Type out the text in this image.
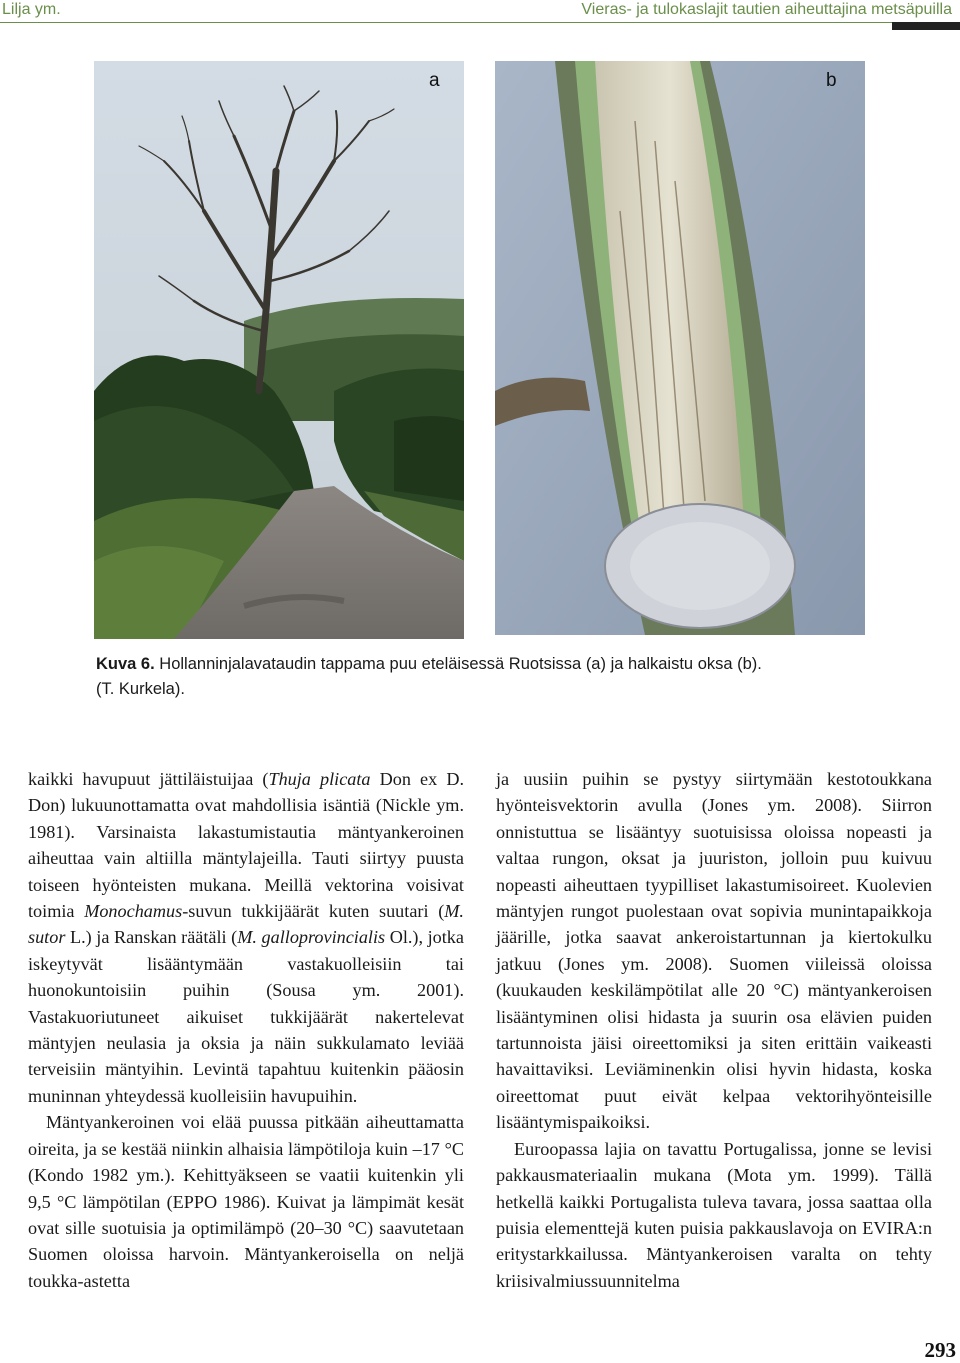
Lilja ym.	Vieras- ja tulokaslajit tautien aiheuttajina metsäpuilla
a	b
Kuva 6. Hollanninjalavataudin tappama puu eteläisessä Ruotsissa (a) ja halkaistu oksa (b).
(T. Kurkela).

kaikki havupuut jättiläistuijaa (Thuja plicata Don ex D. Don) lukuunottamatta ovat mahdollisia isäntiä (Nickle ym. 1981). Varsinaista lakastumistautia mäntyankeroinen aiheuttaa vain altiilla mäntylajeilla. Tauti siirtyy puusta toiseen hyönteisten mukana. Meillä vektorina voisivat toimia Monochamus-suvun tukkijäärät kuten suutari (M. sutor L.) ja Ranskan räätäli (M. galloprovincialis Ol.), jotka iskeytyvät lisääntymään vastakuolleisiin tai huonokuntoisiin puihin (Sousa ym. 2001). Vastakuoriutuneet aikuiset tukkijäärät nakertelevat mäntyjen neulasia ja oksia ja näin sukkulamato leviää terveisiin mäntyihin. Levintä tapahtuu kuitenkin pääosin muninnan yhteydessä kuolleisiin havupuihin.

Mäntyankeroinen voi elää puussa pitkään aiheuttamatta oireita, ja se kestää niinkin alhaisia lämpötiloja kuin –17 °C (Kondo 1982 ym.). Kehittyäkseen se vaatii kuitenkin yli 9,5 °C lämpötilan (EPPO 1986). Kuivat ja lämpimät kesät ovat sille suotuisia ja optimilämpö (20–30 °C) saavutetaan Suomen oloissa harvoin. Mäntyankeroisella on neljä toukka-astetta

ja uusiin puihin se pystyy siirtymään kestotoukkana hyönteisvektorin avulla (Jones ym. 2008). Siirron onnistuttua se lisääntyy suotuisissa oloissa nopeasti ja valtaa rungon, oksat ja juuriston, jolloin puu kuivuu nopeasti aiheuttaen tyypilliset lakastumisoireet. Kuolevien mäntyjen rungot puolestaan ovat sopivia munintapaikkoja jäärille, jotka saavat ankeroistartunnan ja kiertokulku jatkuu (Jones ym. 2008). Suomen viileissä oloissa (kuukauden keskilämpötilat alle 20 °C) mäntyankeroisen lisääntyminen olisi hidasta ja suurin osa elävien puiden tartunnoista jäisi oireettomiksi ja siten erittäin vaikeasti havaittaviksi. Leviäminenkin olisi hyvin hidasta, koska oireettomat puut eivät kelpaa vektorihyönteisille lisääntymispaikoiksi.

Euroopassa lajia on tavattu Portugalissa, jonne se levisi pakkausmateriaalin mukana (Mota ym. 1999). Tällä hetkellä kaikki Portugalista tuleva tavara, jossa saattaa olla puisia elementtejä kuten puisia pakkauslavoja on EVIRA:n eritystarkkailussa. Mäntyankeroisen varalta on tehty kriisivalmiussuunnitelma

293
